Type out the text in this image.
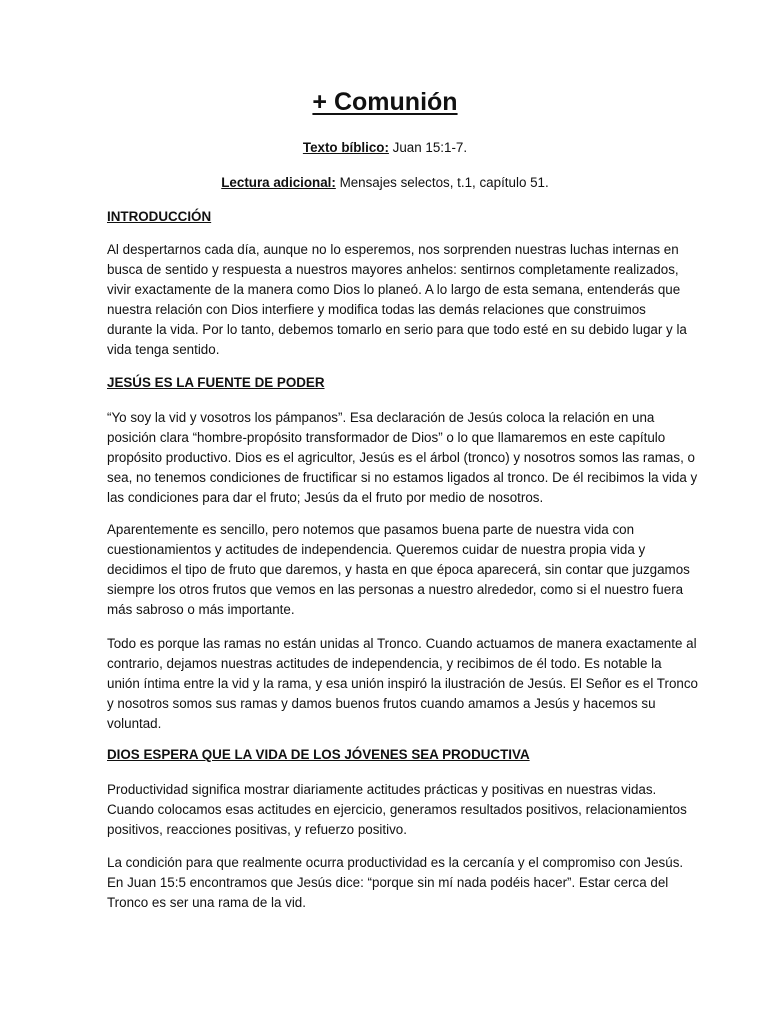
+ Comunión

Texto bíblico: Juan 15:1-7.

Lectura adicional: Mensajes selectos, t.1, capítulo 51.

INTRODUCCIÓN

Al despertarnos cada día, aunque no lo esperemos, nos sorprenden nuestras luchas internas en
busca de sentido y respuesta a nuestros mayores anhelos: sentirnos completamente realizados,
vivir exactamente de la manera como Dios lo planeó. A lo largo de esta semana, entenderás que
nuestra relación con Dios interfiere y modifica todas las demás relaciones que construimos
durante la vida. Por lo tanto, debemos tomarlo en serio para que todo esté en su debido lugar y la
vida tenga sentido.

JESÚS ES LA FUENTE DE PODER

“Yo soy la vid y vosotros los pámpanos”. Esa declaración de Jesús coloca la relación en una
posición clara “hombre-propósito transformador de Dios” o lo que llamaremos en este capítulo
propósito productivo. Dios es el agricultor, Jesús es el árbol (tronco) y nosotros somos las ramas, o
sea, no tenemos condiciones de fructificar si no estamos ligados al tronco. De él recibimos la vida y
las condiciones para dar el fruto; Jesús da el fruto por medio de nosotros.

Aparentemente es sencillo, pero notemos que pasamos buena parte de nuestra vida con
cuestionamientos y actitudes de independencia. Queremos cuidar de nuestra propia vida y
decidimos el tipo de fruto que daremos, y hasta en que época aparecerá, sin contar que juzgamos
siempre los otros frutos que vemos en las personas a nuestro alrededor, como si el nuestro fuera
más sabroso o más importante.

Todo es porque las ramas no están unidas al Tronco. Cuando actuamos de manera exactamente al
contrario, dejamos nuestras actitudes de independencia, y recibimos de él todo. Es notable la
unión íntima entre la vid y la rama, y esa unión inspiró la ilustración de Jesús. El Señor es el Tronco
y nosotros somos sus ramas y damos buenos frutos cuando amamos a Jesús y hacemos su
voluntad.

DIOS ESPERA QUE LA VIDA DE LOS JÓVENES SEA PRODUCTIVA

Productividad significa mostrar diariamente actitudes prácticas y positivas en nuestras vidas.
Cuando colocamos esas actitudes en ejercicio, generamos resultados positivos, relacionamientos
positivos, reacciones positivas, y refuerzo positivo.

La condición para que realmente ocurra productividad es la cercanía y el compromiso con Jesús.
En Juan 15:5 encontramos que Jesús dice: “porque sin mí nada podéis hacer”. Estar cerca del
Tronco es ser una rama de la vid.
